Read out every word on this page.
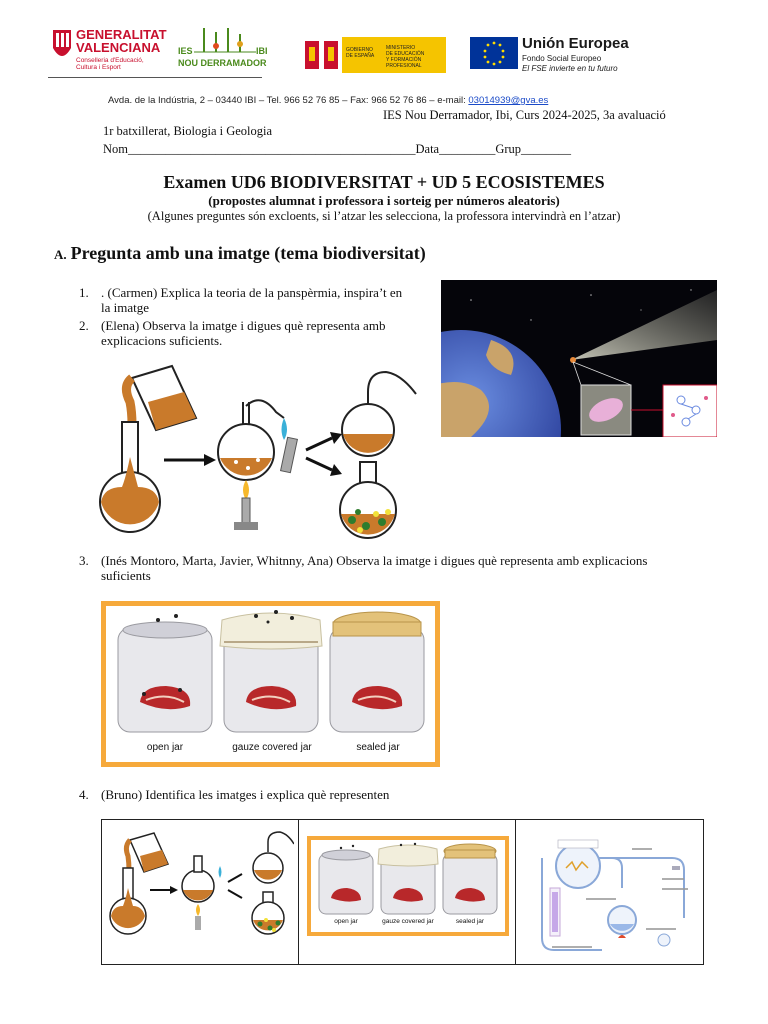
GENERALITAT
VALENCIANA
Conselleria d'Educació,
Cultura i Esport
IES	IBI
NOU DERRAMADOR
GOBIERNO
DE ESPAÑA
MINISTERIO
DE EDUCACIÓN
Y FORMACIÓN PROFESIONAL
Unión Europea
Fondo Social Europeo
El FSE invierte en tu futuro
Avda. de la Indústria, 2 – 03440 IBI – Tel. 966 52 76 85 – Fax: 966 52 76 86 – e-mail: 03014939@gva.es
IES Nou Derramador, Ibi, Curs 2024-2025, 3a avaluació
1r batxillerat, Biologia i Geologia
Nom______________________________________________Data_________Grup________
Examen UD6 BIODIVERSITAT + UD 5 ECOSISTEMES
(propostes alumnat i professora i sorteig per números aleatoris)
(Algunes preguntes són excloents, si l’atzar les selecciona, la professora intervindrà en l’atzar)
A. Pregunta amb una imatge (tema biodiversitat)
1. . (Carmen) Explica la teoria de la panspèrmia, inspira’t en la imatge
2. (Elena) Observa la imatge i digues què representa amb explicacions suficients.
3. (Inés Montoro, Marta, Javier, Whitnny, Ana) Observa la imatge i digues què representa amb explicacions suficients
open jar	gauze covered jar	sealed jar
4. (Bruno) Identifica les imatges i explica què representen
open jar	gauze covered jar	sealed jar
